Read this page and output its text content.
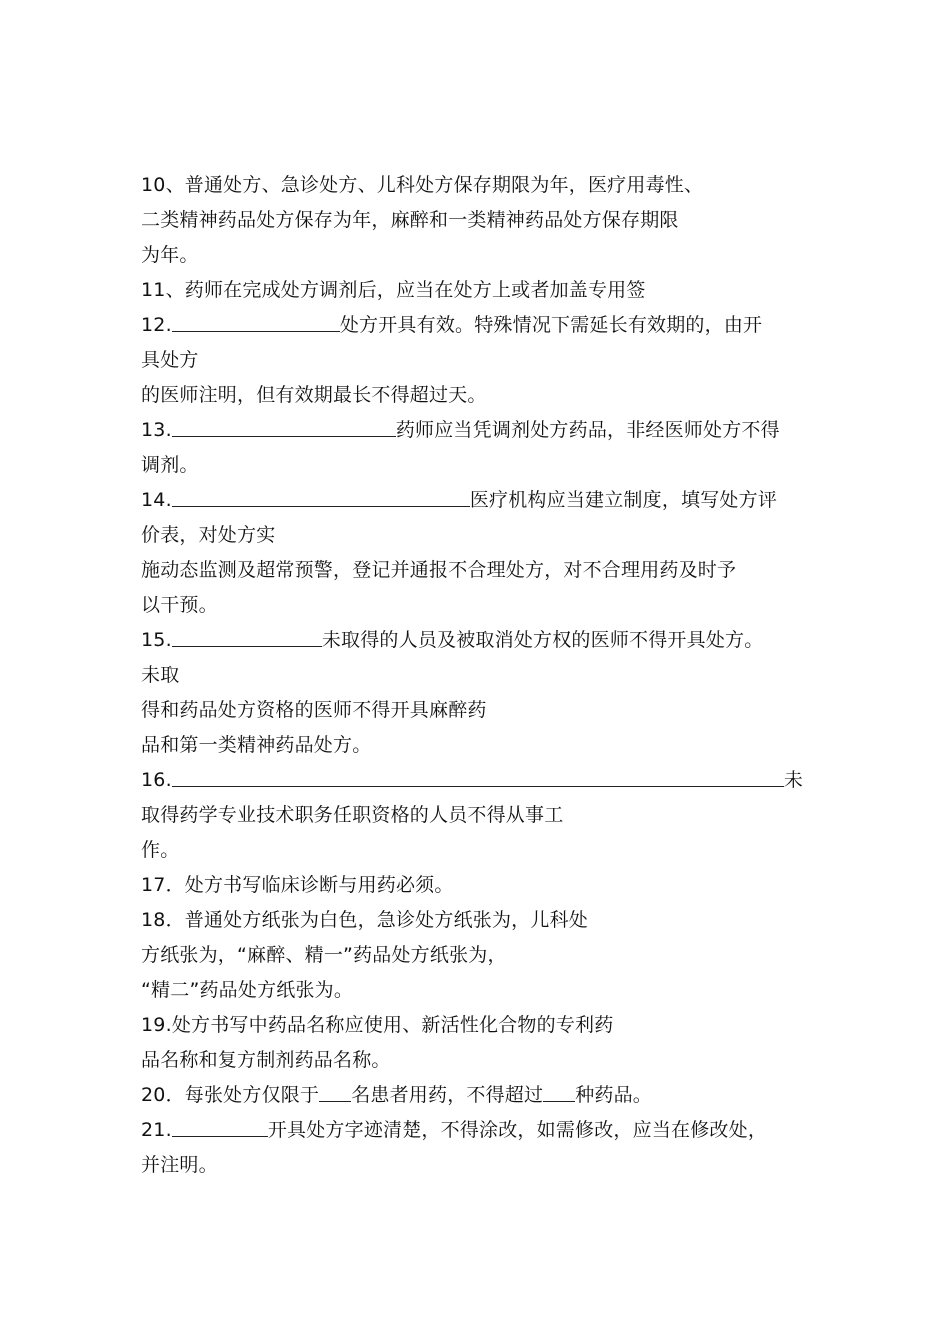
10、普通处方、急诊处方、儿科处方保存期限为年，医疗用毒性、
二类精神药品处方保存为年，麻醉和一类精神药品处方保存期限
为年。
11、药师在完成处方调剂后，应当在处方上或者加盖专用签
12.	处方开具有效。特殊情况下需延长有效期的，由开
具处方
的医师注明，但有效期最长不得超过天。
13.	药师应当凭调剂处方药品，非经医师处方不得
调剂。
14.	医疗机构应当建立制度，填写处方评
价表，对处方实
施动态监测及超常预警，登记并通报不合理处方，对不合理用药及时予
以干预。
15.	未取得的人员及被取消处方权的医师不得开具处方。
未取
得和药品处方资格的医师不得开具麻醉药
品和第一类精神药品处方。
16.	未
取得药学专业技术职务任职资格的人员不得从事工
作。
17．处方书写临床诊断与用药必须。
18．普通处方纸张为白色，急诊处方纸张为，儿科处
方纸张为，“麻醉、精一”药品处方纸张为，
“精二”药品处方纸张为。
19.处方书写中药品名称应使用、新活性化合物的专利药
品名称和复方制剂药品名称。
20．每张处方仅限于 名患者用药，不得超过 种药品。
21.	开具处方字迹清楚，不得涂改，如需修改，应当在修改处，
并注明。
